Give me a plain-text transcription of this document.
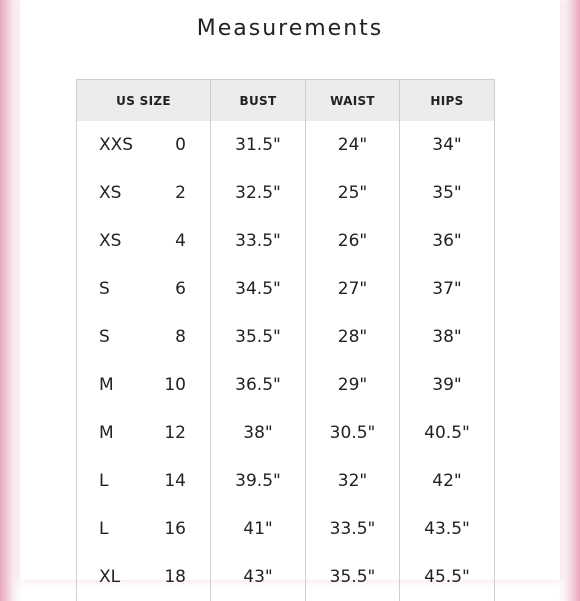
Measurements
US SIZE	BUST	WAIST	HIPS

XXS 0	31.5"	24"	34"

XS 2	32.5"	25"	35"

XS 4	33.5"	26"	36"

S 6	34.5"	27"	37"

S 8	35.5"	28"	38"

M 10	36.5"	29"	39"

M 12	38"	30.5"	40.5"

L 14	39.5"	32"	42"

L 16	41"	33.5"	43.5"

XL 18	43"	35.5"	45.5"
